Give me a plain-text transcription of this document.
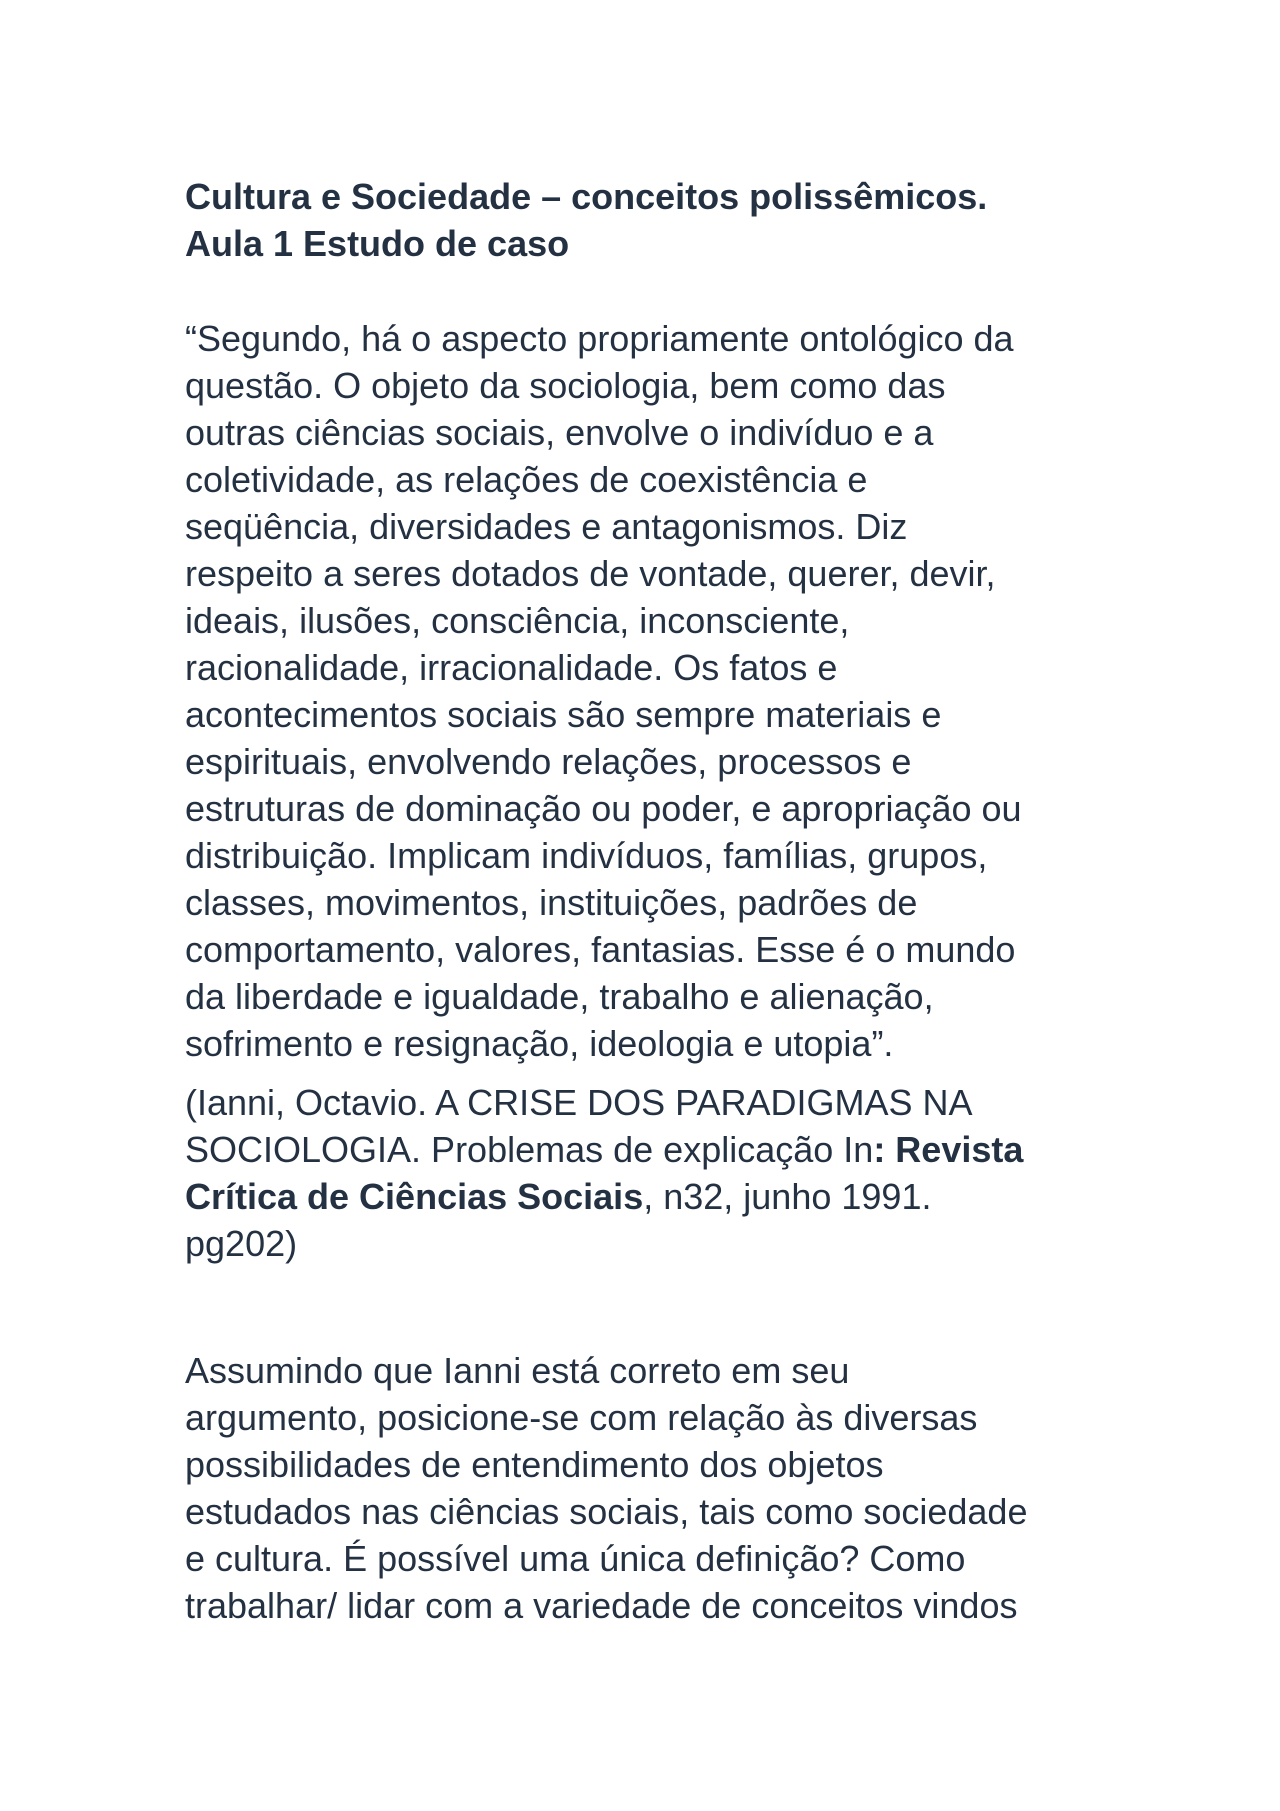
Cultura e Sociedade – conceitos polissêmicos.
Aula 1 Estudo de caso
“Segundo, há o aspecto propriamente ontológico da
questão. O objeto da sociologia, bem como das
outras ciências sociais, envolve o indivíduo e a
coletividade, as relações de coexistência e
seqüência, diversidades e antagonismos. Diz
respeito a seres dotados de vontade, querer, devir,
ideais, ilusões, consciência, inconsciente,
racionalidade, irracionalidade. Os fatos e
acontecimentos sociais são sempre materiais e
espirituais, envolvendo relações, processos e
estruturas de dominação ou poder, e apropriação ou
distribuição. Implicam indivíduos, famílias, grupos,
classes, movimentos, instituições, padrões de
comportamento, valores, fantasias. Esse é o mundo
da liberdade e igualdade, trabalho e alienação,
sofrimento e resignação, ideologia e utopia”.
(Ianni, Octavio. A CRISE DOS PARADIGMAS NA
SOCIOLOGIA. Problemas de explicação In: Revista
Crítica de Ciências Sociais, n32, junho 1991.
pg202)
Assumindo que Ianni está correto em seu
argumento, posicione-se com relação às diversas
possibilidades de entendimento dos objetos
estudados nas ciências sociais, tais como sociedade
e cultura. É possível uma única definição? Como
trabalhar/ lidar com a variedade de conceitos vindos
